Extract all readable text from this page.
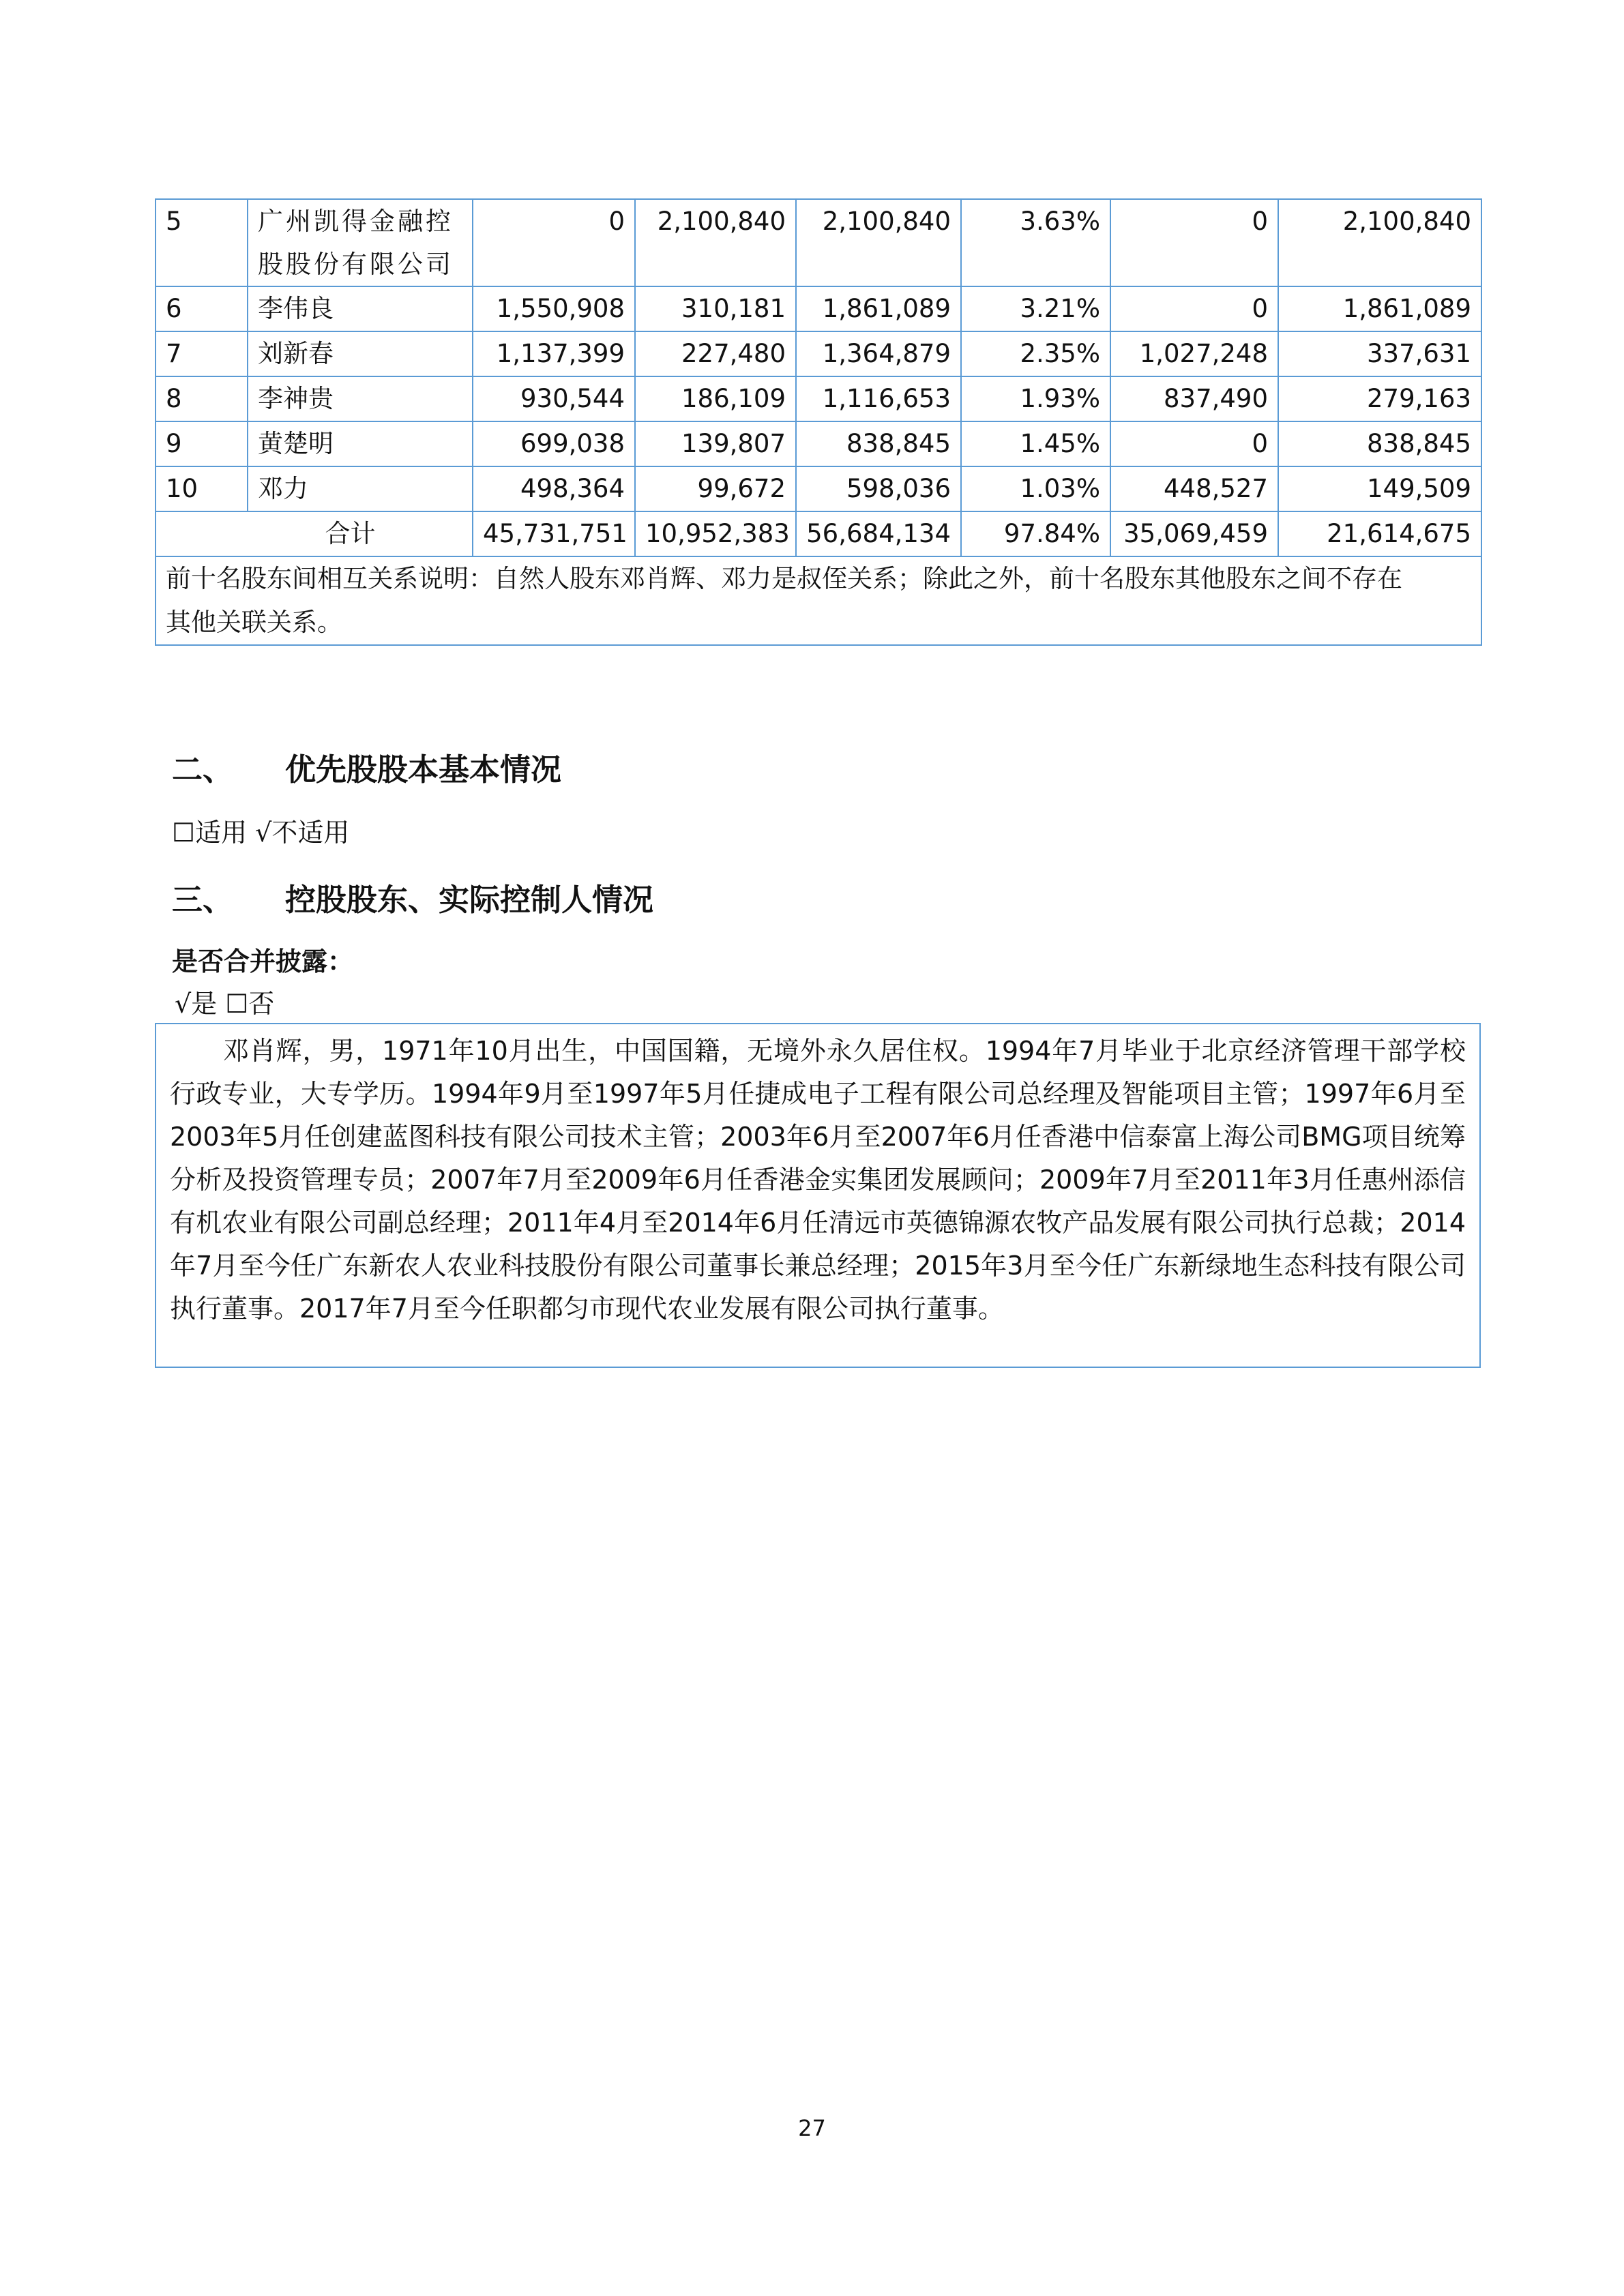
5	广州凯得金融控股股份有限公司	0	2,100,840	2,100,840	3.63%	0	2,100,840
6	李伟良	1,550,908	310,181	1,861,089	3.21%	0	1,861,089
7	刘新春	1,137,399	227,480	1,364,879	2.35%	1,027,248	337,631
8	李神贵	930,544	186,109	1,116,653	1.93%	837,490	279,163
9	黄楚明	699,038	139,807	838,845	1.45%	0	838,845
10	邓力	498,364	99,672	598,036	1.03%	448,527	149,509
合计		45,731,751	10,952,383	56,684,134	97.84%	35,069,459	21,614,675
前十名股东间相互关系说明：自然人股东邓肖辉、邓力是叔侄关系；除此之外，前十名股东其他股东之间不存在其他关联关系。							
二、 优先股股本基本情况
☐适用 √不适用
三、 控股股东、实际控制人情况
是否合并披露：
√是 ☐否

邓肖辉，男，1971年10月出生，中国国籍，无境外永久居住权。1994年7月毕业于北京经济管理干部学校行政专业，大专学历。1994年9月至1997年5月任捷成电子工程有限公司总经理及智能项目主管；1997年6月至2003年5月任创建蓝图科技有限公司技术主管；2003年6月至2007年6月任香港中信泰富上海公司BMG项目统筹分析及投资管理专员；2007年7月至2009年6月任香港金实集团发展顾问；2009年7月至2011年3月任惠州添信有机农业有限公司副总经理；2011年4月至2014年6月任清远市英德锦源农牧产品发展有限公司执行总裁；2014年7月至今任广东新农人农业科技股份有限公司董事长兼总经理；2015年3月至今任广东新绿地生态科技有限公司执行董事。2017年7月至今任职都匀市现代农业发展有限公司执行董事。

27
